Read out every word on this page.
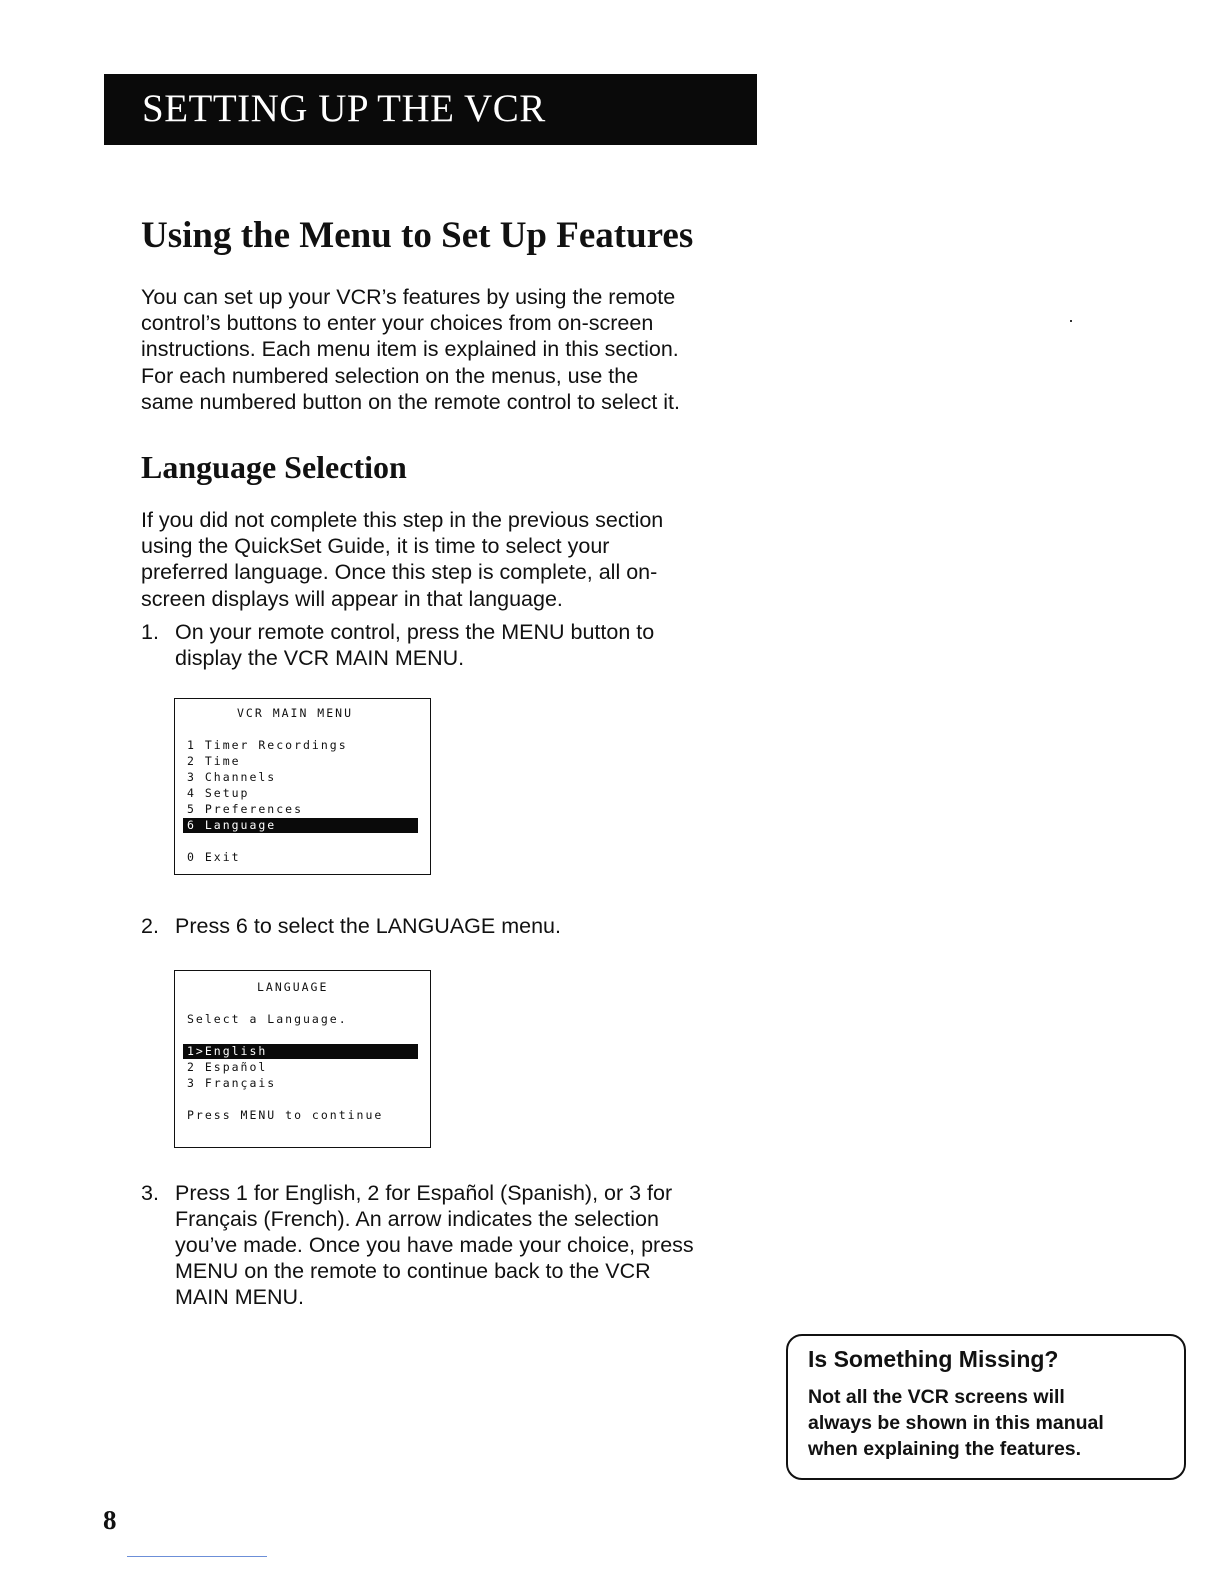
SETTING UP THE VCR
Using the Menu to Set Up Features

You can set up your VCR’s features by using the remote
control’s buttons to enter your choices from on-screen
instructions. Each menu item is explained in this section.
For each numbered selection on the menus, use the
same numbered button on the remote control to select it.

Language Selection

If you did not complete this step in the previous section
using the QuickSet Guide, it is time to select your
preferred language. Once this step is complete, all on-
screen displays will appear in that language.

1. On your remote control, press the MENU button to
display the VCR MAIN MENU.
VCR MAIN MENU
1 Timer Recordings
2 Time
3 Channels
4 Setup
5 Preferences
6 Language
0 Exit
2. Press 6 to select the LANGUAGE menu.
LANGUAGE
Select a Language.
1>English
2 Español
3 Français
Press MENU to continue
3. Press 1 for English, 2 for Español (Spanish), or 3 for
Français (French). An arrow indicates the selection
you’ve made. Once you have made your choice, press
MENU on the remote to continue back to the VCR
MAIN MENU.
Is Something Missing?
Not all the VCR screens will
always be shown in this manual
when explaining the features.
8
